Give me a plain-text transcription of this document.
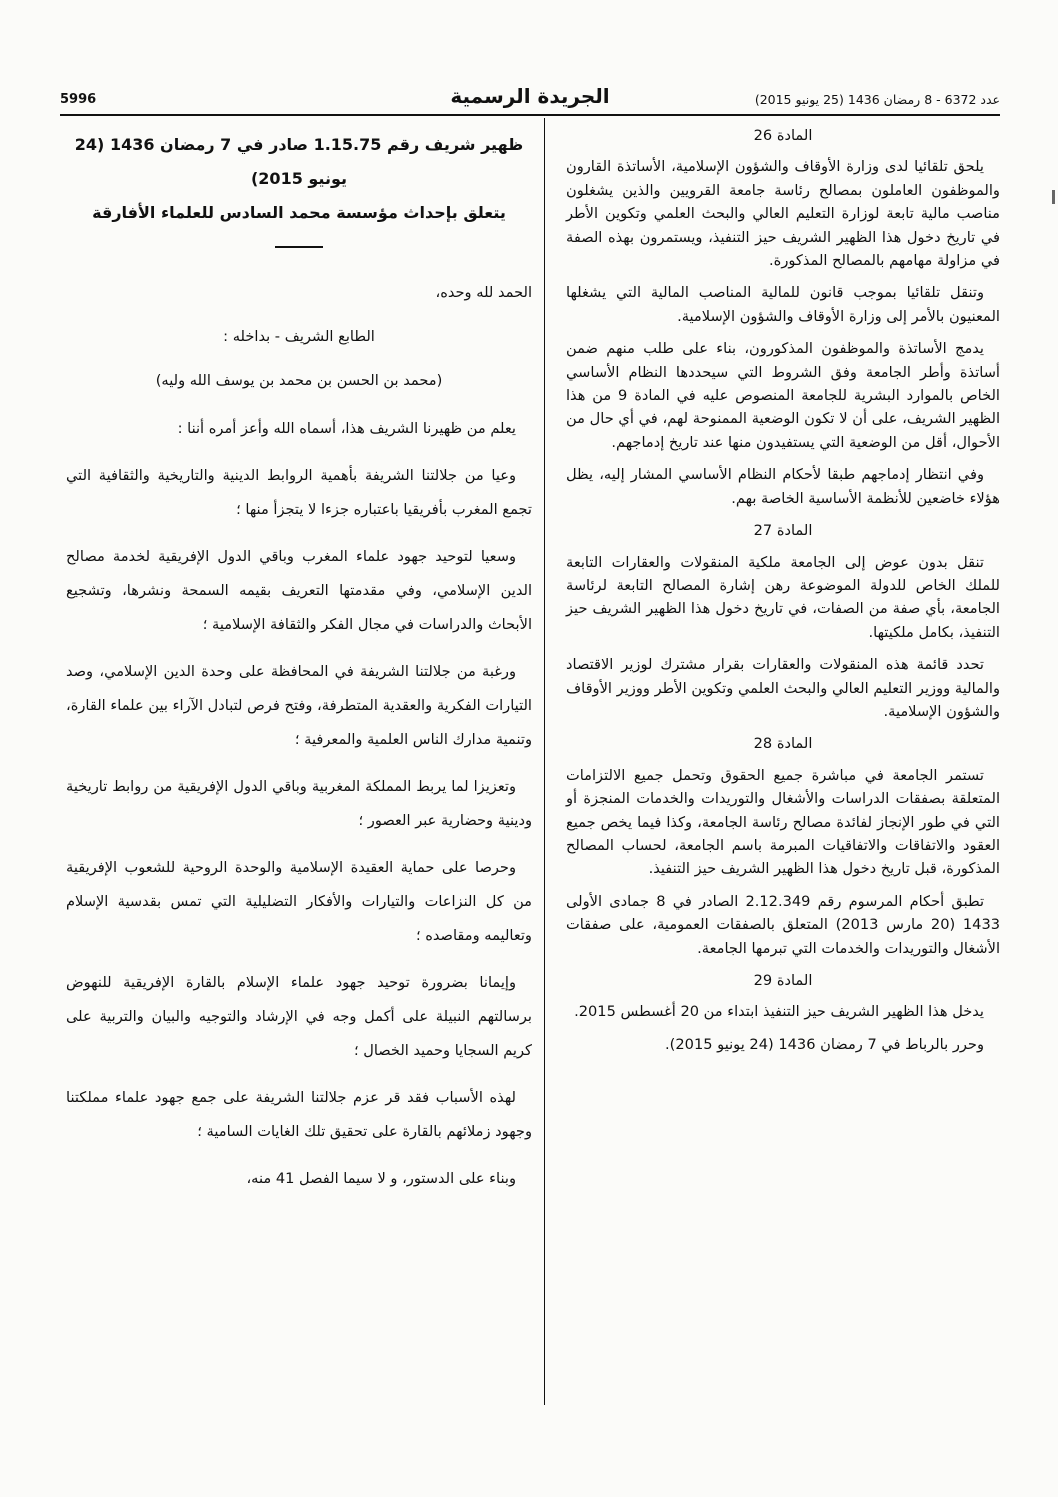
5996	الجريدة الرسمية	عدد 6372 - 8 رمضان 1436 (25 يونيو 2015)
ظهير شريف رقم 1.15.75 صادر في 7 رمضان 1436 (24 يونيو 2015)
يتعلق بإحداث مؤسسة محمد السادس للعلماء الأفارقة

الحمد لله وحده،

الطابع الشريف - بداخله :

(محمد بن الحسن بن محمد بن يوسف الله وليه)

يعلم من ظهيرنا الشريف هذا، أسماه الله وأعز أمره أننا :

وعيا من جلالتنا الشريفة بأهمية الروابط الدينية والتاريخية والثقافية التي تجمع المغرب بأفريقيا باعتباره جزءا لا يتجزأ منها ؛

وسعيا لتوحيد جهود علماء المغرب وباقي الدول الإفريقية لخدمة مصالح الدين الإسلامي، وفي مقدمتها التعريف بقيمه السمحة ونشرها، وتشجيع الأبحاث والدراسات في مجال الفكر والثقافة الإسلامية ؛

ورغبة من جلالتنا الشريفة في المحافظة على وحدة الدين الإسلامي، وصد التيارات الفكرية والعقدية المتطرفة، وفتح فرص لتبادل الآراء بين علماء القارة، وتنمية مدارك الناس العلمية والمعرفية ؛

وتعزيزا لما يربط المملكة المغربية وباقي الدول الإفريقية من روابط تاريخية ودينية وحضارية عبر العصور ؛

وحرصا على حماية العقيدة الإسلامية والوحدة الروحية للشعوب الإفريقية من كل النزاعات والتيارات والأفكار التضليلية التي تمس بقدسية الإسلام وتعاليمه ومقاصده ؛

وإيمانا بضرورة توحيد جهود علماء الإسلام بالقارة الإفريقية للنهوض برسالتهم النبيلة على أكمل وجه في الإرشاد والتوجيه والبيان والتربية على كريم السجايا وحميد الخصال ؛

لهذه الأسباب فقد قر عزم جلالتنا الشريفة على جمع جهود علماء مملكتنا وجهود زملائهم بالقارة على تحقيق تلك الغايات السامية ؛

وبناء على الدستور، و لا سيما الفصل 41 منه،

المادة 26

يلحق تلقائيا لدى وزارة الأوقاف والشؤون الإسلامية، الأساتذة القارون والموظفون العاملون بمصالح رئاسة جامعة القرويين والذين يشغلون مناصب مالية تابعة لوزارة التعليم العالي والبحث العلمي وتكوين الأطر في تاريخ دخول هذا الظهير الشريف حيز التنفيذ، ويستمرون بهذه الصفة في مزاولة مهامهم بالمصالح المذكورة.

وتنقل تلقائيا بموجب قانون للمالية المناصب المالية التي يشغلها المعنيون بالأمر إلى وزارة الأوقاف والشؤون الإسلامية.

يدمج الأساتذة والموظفون المذكورون، بناء على طلب منهم ضمن أساتذة وأطر الجامعة وفق الشروط التي سيحددها النظام الأساسي الخاص بالموارد البشرية للجامعة المنصوص عليه في المادة 9 من هذا الظهير الشريف، على أن لا تكون الوضعية الممنوحة لهم، في أي حال من الأحوال، أقل من الوضعية التي يستفيدون منها عند تاريخ إدماجهم.

وفي انتظار إدماجهم طبقا لأحكام النظام الأساسي المشار إليه، يظل هؤلاء خاضعين للأنظمة الأساسية الخاصة بهم.

المادة 27

تنقل بدون عوض إلى الجامعة ملكية المنقولات والعقارات التابعة للملك الخاص للدولة الموضوعة رهن إشارة المصالح التابعة لرئاسة الجامعة، بأي صفة من الصفات، في تاريخ دخول هذا الظهير الشريف حيز التنفيذ، بكامل ملكيتها.

تحدد قائمة هذه المنقولات والعقارات بقرار مشترك لوزير الاقتصاد والمالية ووزير التعليم العالي والبحث العلمي وتكوين الأطر ووزير الأوقاف والشؤون الإسلامية.

المادة 28

تستمر الجامعة في مباشرة جميع الحقوق وتحمل جميع الالتزامات المتعلقة بصفقات الدراسات والأشغال والتوريدات والخدمات المنجزة أو التي في طور الإنجاز لفائدة مصالح رئاسة الجامعة، وكذا فيما يخص جميع العقود والاتفاقات والاتفاقيات المبرمة باسم الجامعة، لحساب المصالح المذكورة، قبل تاريخ دخول هذا الظهير الشريف حيز التنفيذ.

تطبق أحكام المرسوم رقم 2.12.349 الصادر في 8 جمادى الأولى 1433 (20 مارس 2013) المتعلق بالصفقات العمومية، على صفقات الأشغال والتوريدات والخدمات التي تبرمها الجامعة.

المادة 29

يدخل هذا الظهير الشريف حيز التنفيذ ابتداء من 20 أغسطس 2015.

وحرر بالرباط في 7 رمضان 1436 (24 يونيو 2015).
